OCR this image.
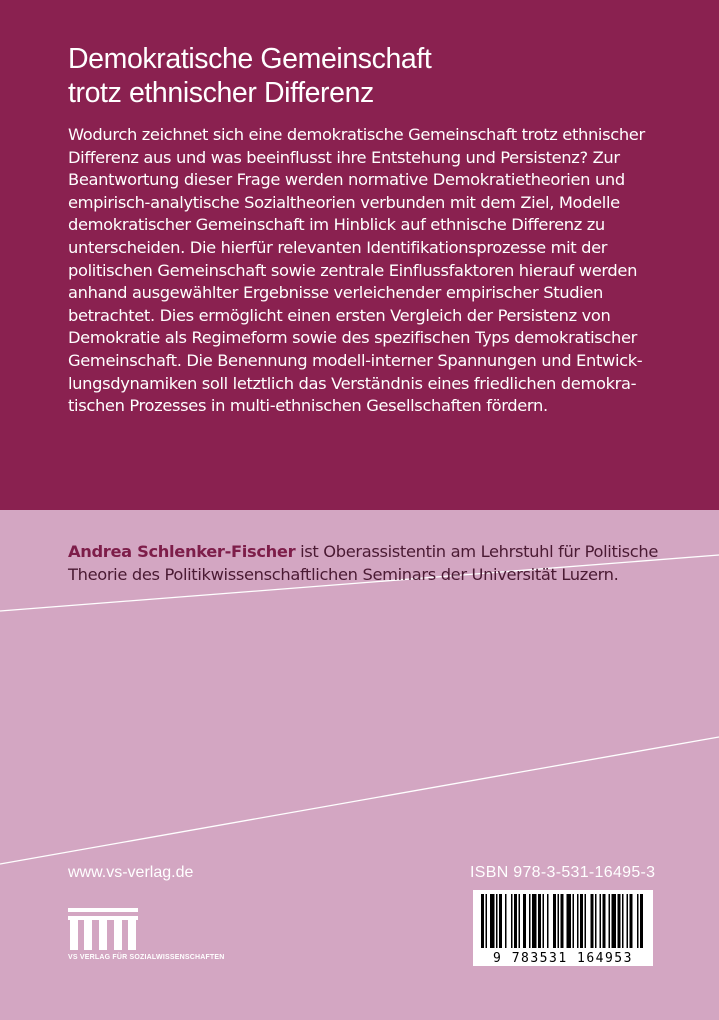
Demokratische Gemeinschaft
trotz ethnischer Differenz
Wodurch zeichnet sich eine demokratische Gemeinschaft trotz ethnischer
Differenz aus und was beeinflusst ihre Entstehung und Persistenz? Zur
Beantwortung dieser Frage werden normative Demokratietheorien und
empirisch-analytische Sozialtheorien verbunden mit dem Ziel, Modelle
demokratischer Gemeinschaft im Hinblick auf ethnische Differenz zu
unterscheiden. Die hierfür relevanten Identifikationsprozesse mit der
politischen Gemeinschaft sowie zentrale Einflussfaktoren hierauf werden
anhand ausgewählter Ergebnisse verleichender empirischer Studien
betrachtet. Dies ermöglicht einen ersten Vergleich der Persistenz von
Demokratie als Regimeform sowie des spezifischen Typs demokratischer
Gemeinschaft. Die Benennung modell-interner Spannungen und Entwick-
lungsdynamiken soll letztlich das Verständnis eines friedlichen demokra-
tischen Prozesses in multi-ethnischen Gesellschaften fördern.
Andrea Schlenker-Fischer ist Oberassistentin am Lehrstuhl für Politische
Theorie des Politikwissenschaftlichen Seminars der Universität Luzern.
www.vs-verlag.de
VS VERLAG FÜR SOZIALWISSENSCHAFTEN
ISBN 978-3-531-16495-3
9 783531 164953
